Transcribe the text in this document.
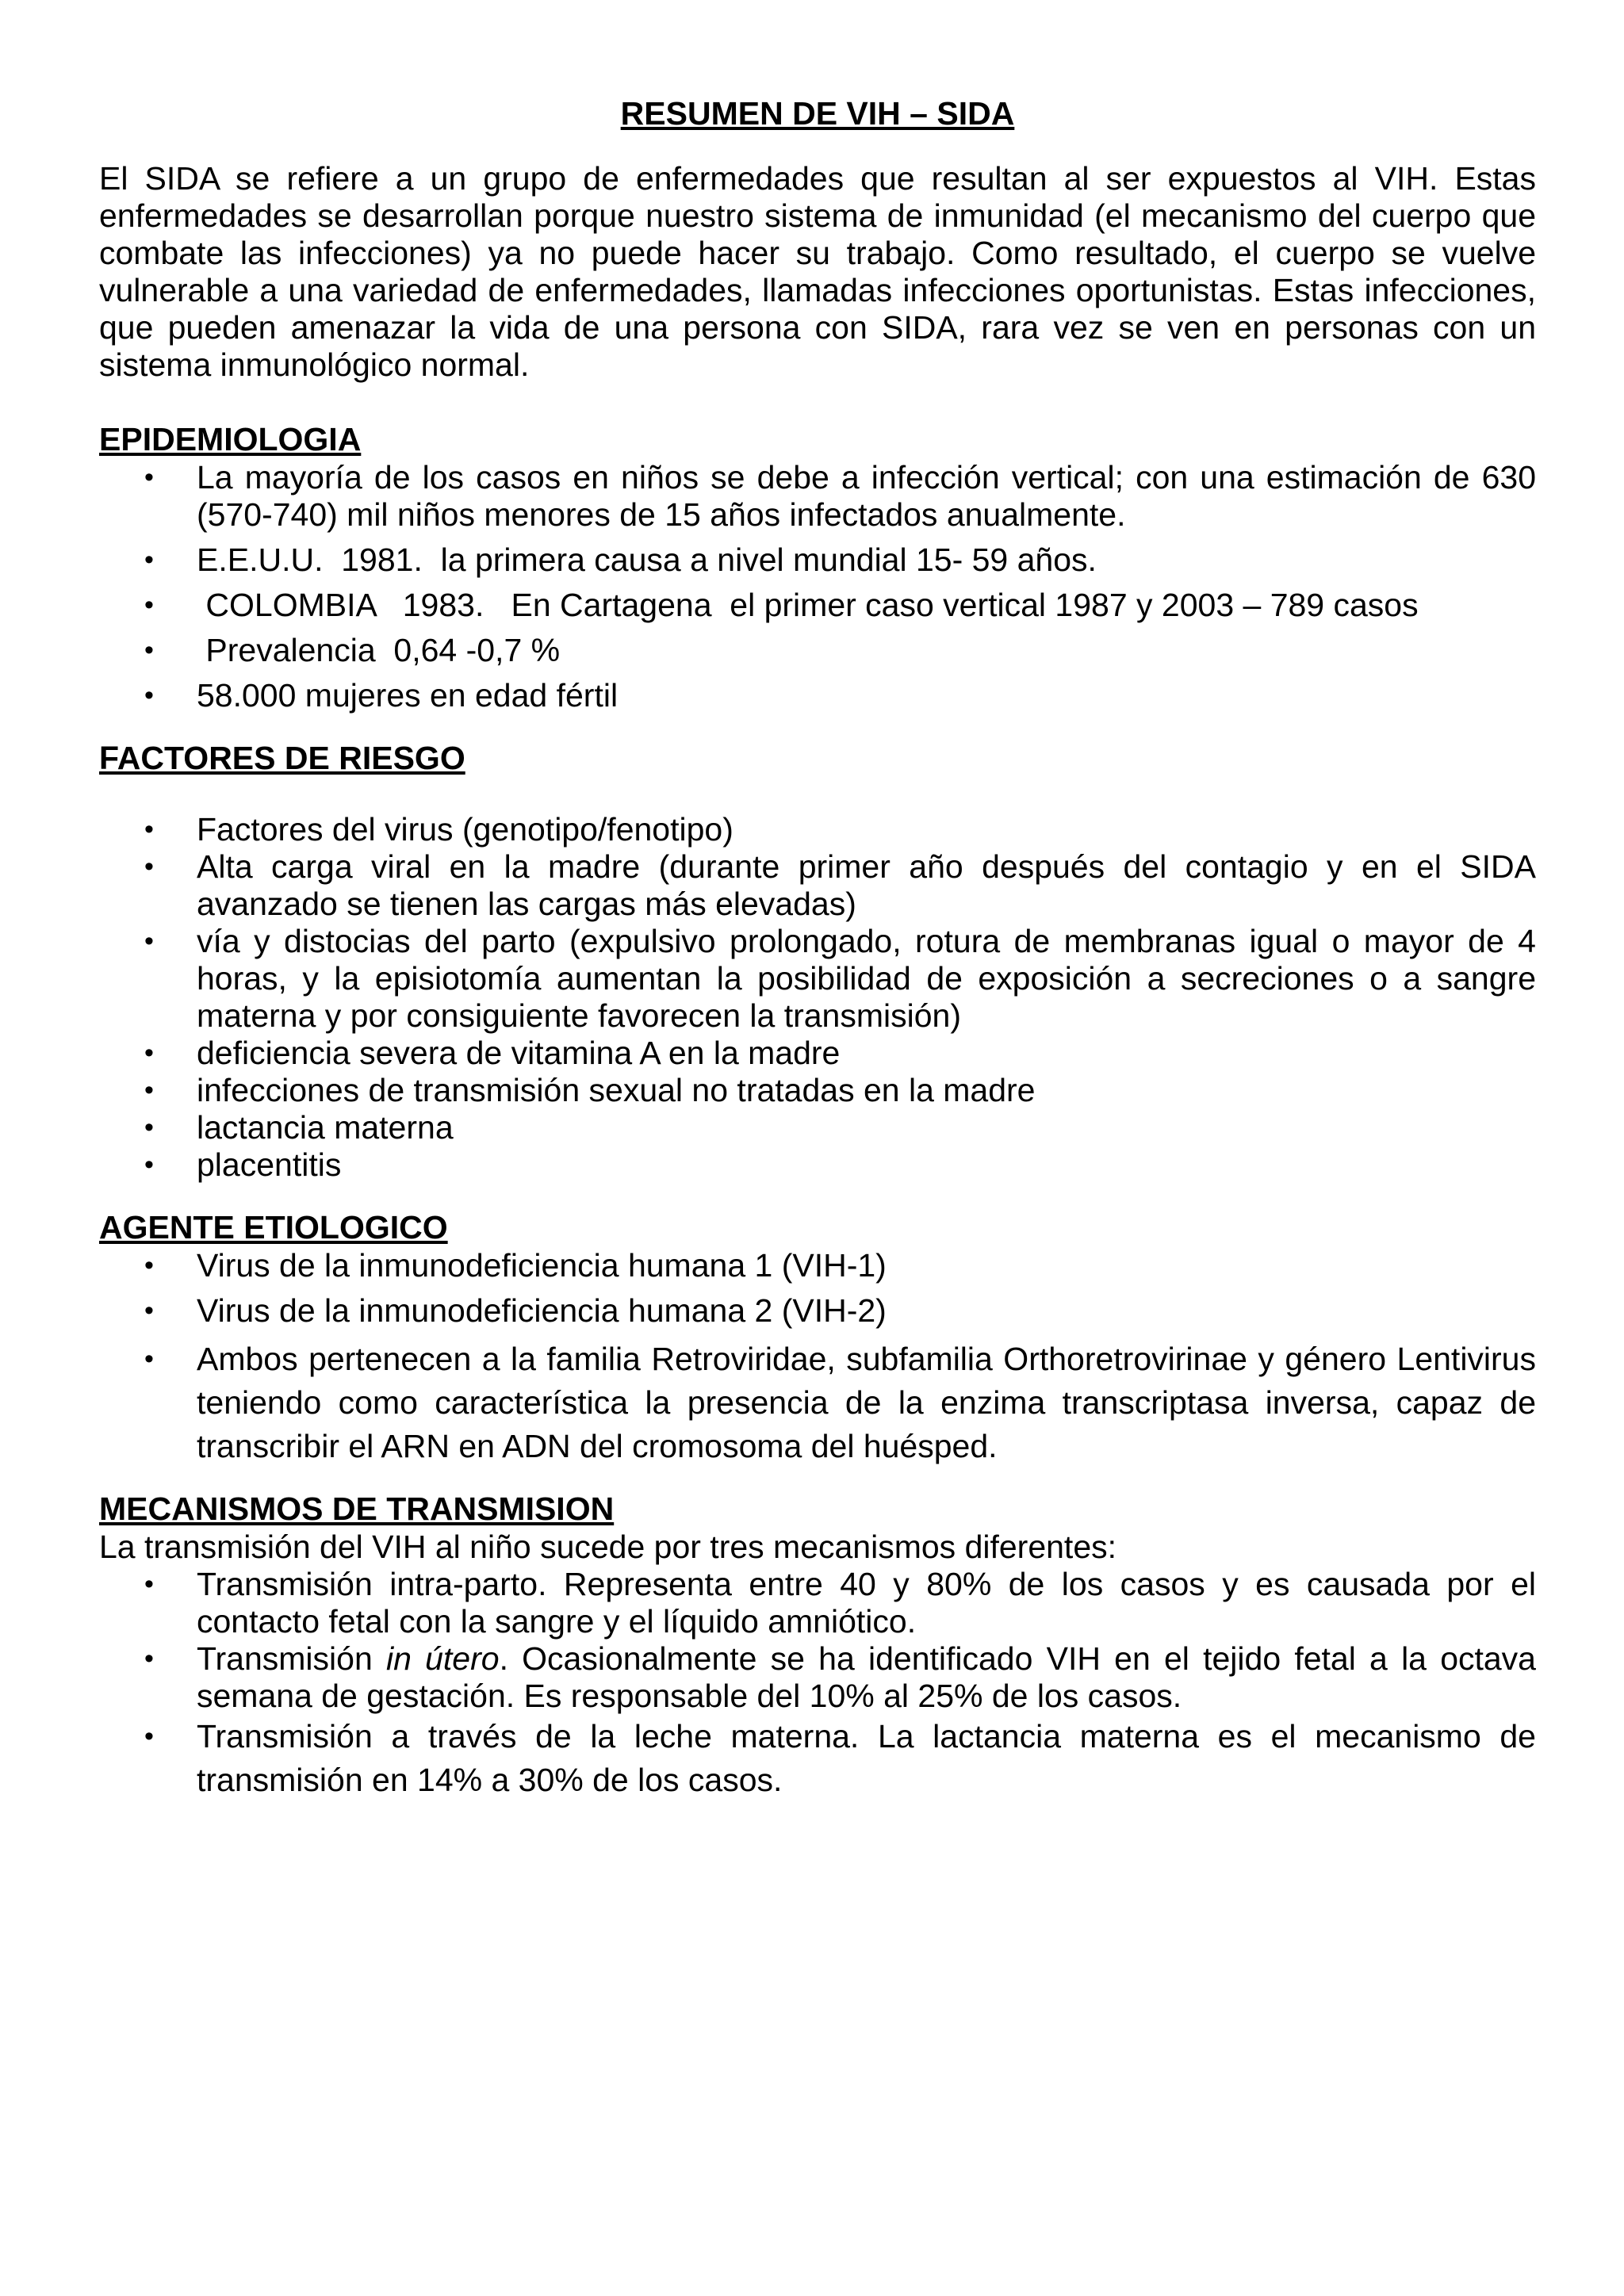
RESUMEN DE VIH – SIDA

El SIDA se refiere a un grupo de enfermedades que resultan al ser expuestos al VIH. Estas enfermedades se desarrollan porque nuestro sistema de inmunidad (el mecanismo del cuerpo que combate las infecciones) ya no puede hacer su trabajo. Como resultado, el cuerpo se vuelve vulnerable a una variedad de enfermedades, llamadas infecciones oportunistas. Estas infecciones, que pueden amenazar la vida de una persona con SIDA, rara vez se ven en personas con un sistema inmunológico normal.

EPIDEMIOLOGIA
• La mayoría de los casos en niños se debe a infección vertical; con una estimación de 630 (570-740) mil niños menores de 15 años infectados anualmente.
• E.E.U.U.  1981.  la primera causa a nivel mundial 15- 59 años.
• COLOMBIA   1983.   En Cartagena  el primer caso vertical 1987 y 2003 – 789 casos
• Prevalencia  0,64 -0,7 %
• 58.000 mujeres en edad fértil
FACTORES DE RIESGO
• Factores del virus (genotipo/fenotipo)
• Alta carga viral en la madre (durante primer año después del contagio y en el SIDA avanzado se tienen las cargas más elevadas)
• vía y distocias del parto (expulsivo prolongado, rotura de membranas igual o mayor de 4 horas, y la episiotomía aumentan la posibilidad de exposición a secreciones o a sangre materna y por consiguiente favorecen la transmisión)
• deficiencia severa de vitamina A en la madre
• infecciones de transmisión sexual no tratadas en la madre
• lactancia materna
• placentitis
AGENTE ETIOLOGICO
• Virus de la inmunodeficiencia humana 1 (VIH-1)
• Virus de la inmunodeficiencia humana 2 (VIH-2)
• Ambos pertenecen a la familia Retroviridae, subfamilia Orthoretrovirinae y género Lentivirus teniendo como característica la presencia de la enzima transcriptasa inversa, capaz de transcribir el ARN en ADN del cromosoma del huésped.
MECANISMOS DE TRANSMISION

La transmisión del VIH al niño sucede por tres mecanismos diferentes:

• Transmisión intra-parto. Representa entre 40 y 80% de los casos y es causada por el contacto fetal con la sangre y el líquido amniótico.
• Transmisión in útero. Ocasionalmente se ha identificado VIH en el tejido fetal a la octava semana de gestación. Es responsable del 10% al 25% de los casos.
• Transmisión a través de la leche materna. La lactancia materna es el mecanismo de transmisión en 14% a 30% de los casos.
